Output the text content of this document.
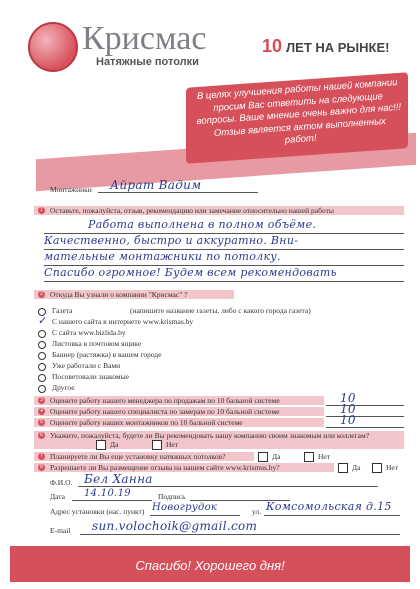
Крисмас
Натяжные потолки
10 ЛЕТ НА РЫНКЕ!
В целях улучшения работы нашей компании просим Вас ответить на следующие вопросы. Ваше мнение очень важно для нас!!! Отзыв является актом выполненных работ!
Монтажники Айрат Вадим
1 Оставьте, пожалуйста, отзыв, рекомендацию или замечание относительно нашей работы
Работа выполнена в полном объёме.
Качественно, быстро и аккуратно. Вни-
мательные монтажники по потолку.
Спасибо огромное! Будем всем рекомендовать
2 Откуда Вы узнали о компании "Крисмас" ?
Газета	(напишите название газеты, либо с какого города газета)
✓ С нашего сайта в интернете www.krismas.by
С сайта www.bizlida.by
Листовка в почтовом ящике
Баннер (растяжка) в вашем городе
Уже работали с Вами
Посоветовали знакомые
Другое
3 Оцените работу нашего менеджера по продажам по 10 бальной системе	10
4 Оцените работу нашего специалиста по замерам по 10 бальной системе	10
5 Оцените работу наших монтажников по 10 бальной системе	10
6 Укажите, пожалуйста, будете ли Вы рекомендовать нашу компанию своим знакомым или коллегам?
Да	Нет
7 Планируете ли Вы еще установку натяжных потолков?	Да	Нет
8 Разрешаете ли Вы размещение отзыва на нашем сайте www.krismus.by?	Да	Нет
Ф.И.О. Бел Ханна
Дата 14.10.19	Подпись
Адрес установки (нас. пункт) Новогрудок	ул. Комсомольская д.15
E-mail sun.volochoik@gmail.com
Спасибо! Хорошего дня!
